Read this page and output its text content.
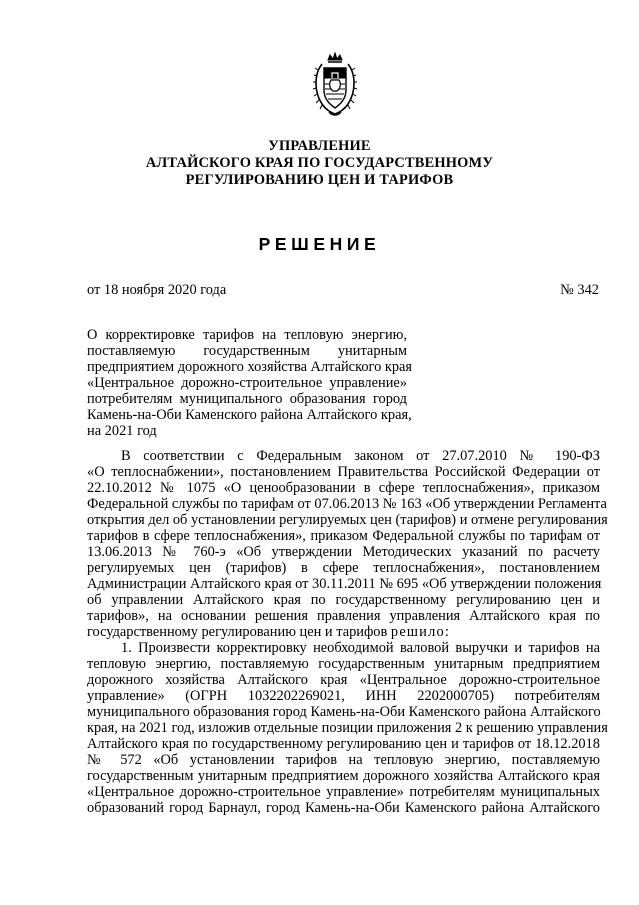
УПРАВЛЕНИЕ
АЛТАЙСКОГО КРАЯ ПО ГОСУДАРСТВЕННОМУ
РЕГУЛИРОВАНИЮ ЦЕН И ТАРИФОВ
РЕШЕНИЕ
от 18 ноября 2020 года	№ 342
О корректировке тарифов на тепловую энергию,
поставляемую государственным унитарным
предприятием дорожного хозяйства Алтайского края
«Центральное дорожно-строительное управление»
потребителям муниципального образования город
Камень-на-Оби Каменского района Алтайского края,
на 2021 год
В соответствии с Федеральным законом от 27.07.2010 № 190-ФЗ
«О теплоснабжении», постановлением Правительства Российской Федерации от
22.10.2012 № 1075 «О ценообразовании в сфере теплоснабжения», приказом
Федеральной службы по тарифам от 07.06.2013 № 163 «Об утверждении Регламента
открытия дел об установлении регулируемых цен (тарифов) и отмене регулирования
тарифов в сфере теплоснабжения», приказом Федеральной службы по тарифам от
13.06.2013 № 760-э «Об утверждении Методических указаний по расчету
регулируемых цен (тарифов) в сфере теплоснабжения», постановлением
Администрации Алтайского края от 30.11.2011 № 695 «Об утверждении положения
об управлении Алтайского края по государственному регулированию цен и
тарифов», на основании решения правления управления Алтайского края по
государственному регулированию цен и тарифов решило:
1. Произвести корректировку необходимой валовой выручки и тарифов на
тепловую энергию, поставляемую государственным унитарным предприятием
дорожного хозяйства Алтайского края «Центральное дорожно-строительное
управление» (ОГРН 1032202269021, ИНН 2202000705) потребителям
муниципального образования город Камень-на-Оби Каменского района Алтайского
края, на 2021 год, изложив отдельные позиции приложения 2 к решению управления
Алтайского края по государственному регулированию цен и тарифов от 18.12.2018
№ 572 «Об установлении тарифов на тепловую энергию, поставляемую
государственным унитарным предприятием дорожного хозяйства Алтайского края
«Центральное дорожно-строительное управление» потребителям муниципальных
образований город Барнаул, город Камень-на-Оби Каменского района Алтайского
